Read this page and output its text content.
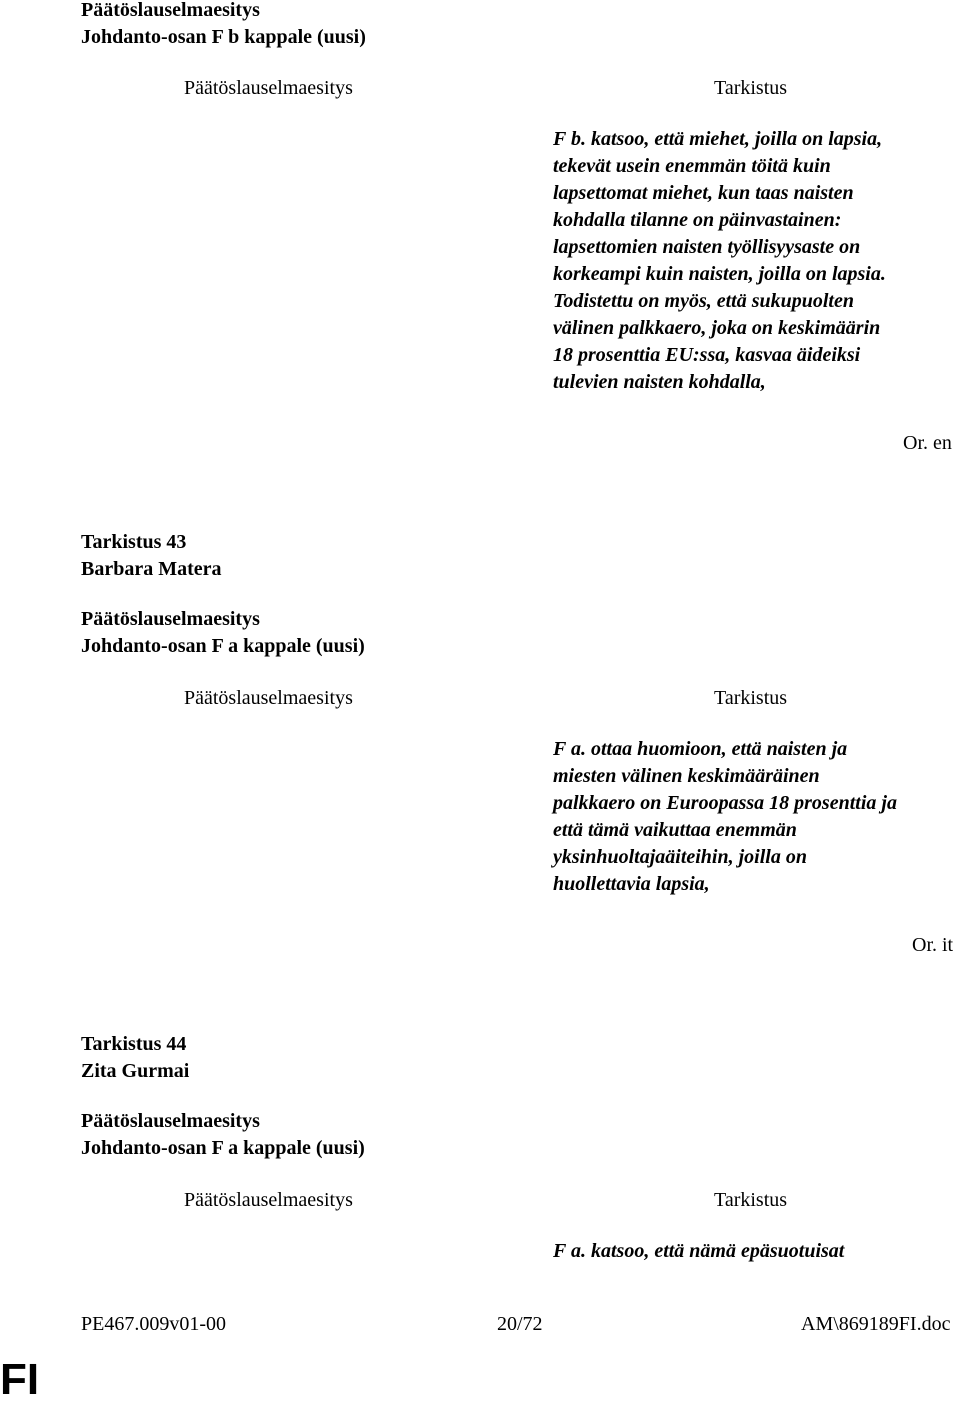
Päätöslauselmaesitys
Johdanto-osan F b kappale (uusi)
Päätöslauselmaesitys	Tarkistus
F b. katsoo, että miehet, joilla on lapsia,
tekevät usein enemmän töitä kuin
lapsettomat miehet, kun taas naisten
kohdalla tilanne on päinvastainen:
lapsettomien naisten työllisyysaste on
korkeampi kuin naisten, joilla on lapsia.
Todistettu on myös, että sukupuolten
välinen palkkaero, joka on keskimäärin
18 prosenttia EU:ssa, kasvaa äideiksi
tulevien naisten kohdalla,
Or. en
Tarkistus 43
Barbara Matera
Päätöslauselmaesitys
Johdanto-osan F a kappale (uusi)
Päätöslauselmaesitys	Tarkistus
F a. ottaa huomioon, että naisten ja
miesten välinen keskimääräinen
palkkaero on Euroopassa 18 prosenttia ja
että tämä vaikuttaa enemmän
yksinhuoltajaäiteihin, joilla on
huollettavia lapsia,
Or. it
Tarkistus 44
Zita Gurmai
Päätöslauselmaesitys
Johdanto-osan F a kappale (uusi)
Päätöslauselmaesitys	Tarkistus
F a. katsoo, että nämä epäsuotuisat
PE467.009v01-00	20/72	AM\869189FI.doc
FI
